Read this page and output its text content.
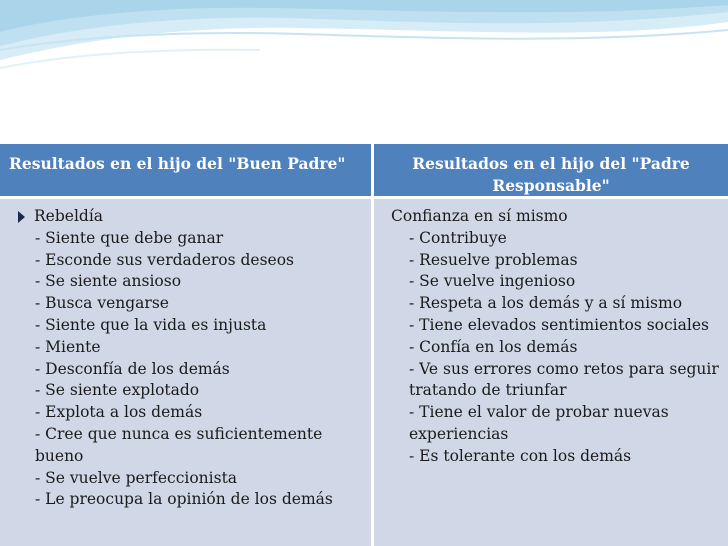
Resultados en el hijo del "Buen Padre"	Resultados en el hijo del "Padre Responsable"
Rebeldía
- Siente que debe ganar
- Esconde sus verdaderos deseos
- Se siente ansioso
- Busca vengarse
- Siente que la vida es injusta
- Miente
- Desconfía de los demás
- Se siente explotado
- Explota a los demás
- Cree que nunca es suficientemente bueno
- Se vuelve perfeccionista
- Le preocupa la opinión de los demás
Confianza en sí mismo
- Contribuye
- Resuelve problemas
- Se vuelve ingenioso
- Respeta a los demás y a sí mismo
- Tiene elevados sentimientos sociales
- Confía en los demás
- Ve sus errores como retos para seguir tratando de triunfar
- Tiene el valor de probar nuevas experiencias
- Es tolerante con los demás
